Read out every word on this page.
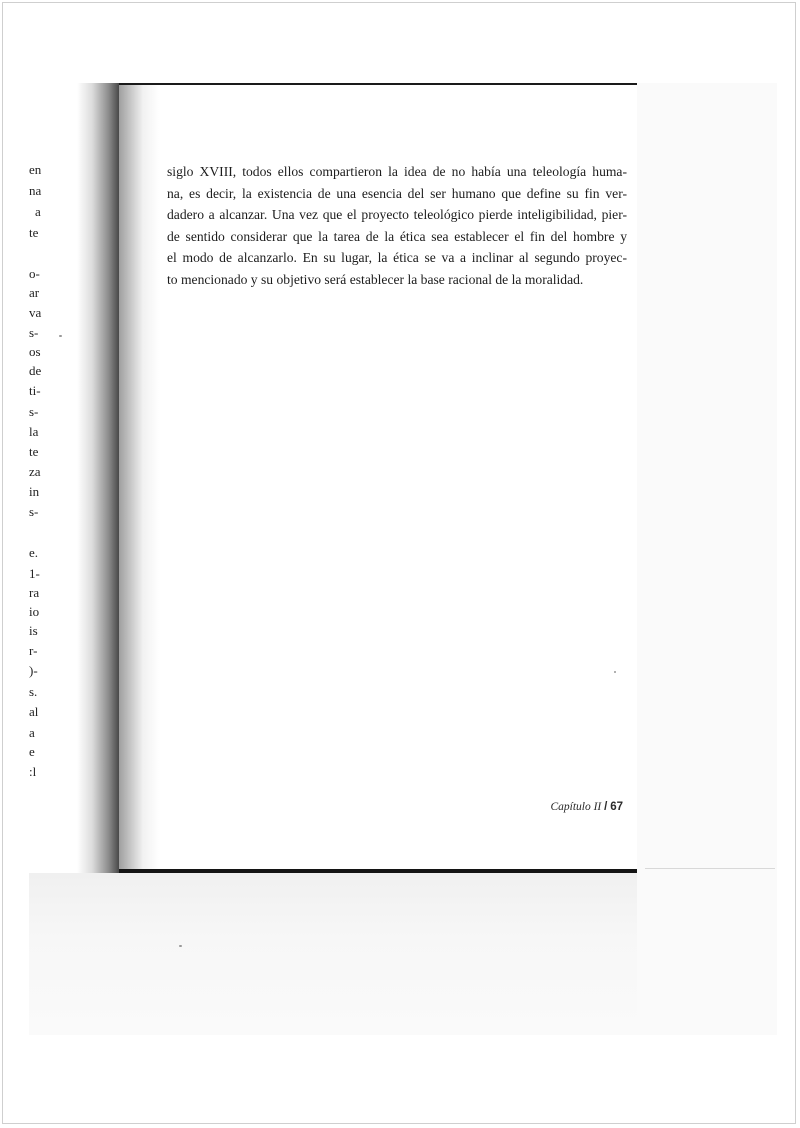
en
na
a
te
o-
ar
va
s-
os
de
ti-
s-
la
te
za
in
s-
e.
1-
ra
io
is
r-
)-
s.
al
a
e
:l

siglo XVIII, todos ellos compartieron la idea de no había una teleología huma-
na, es decir, la existencia de una esencia del ser humano que define su fin ver-
dadero a alcanzar. Una vez que el proyecto teleológico pierde inteligibilidad, pier-
de sentido considerar que la tarea de la ética sea establecer el fin del hombre y
el modo de alcanzarlo. En su lugar, la ética se va a inclinar al segundo proyec-
to mencionado y su objetivo será establecer la base racional de la moralidad.

Capítulo II / 67
